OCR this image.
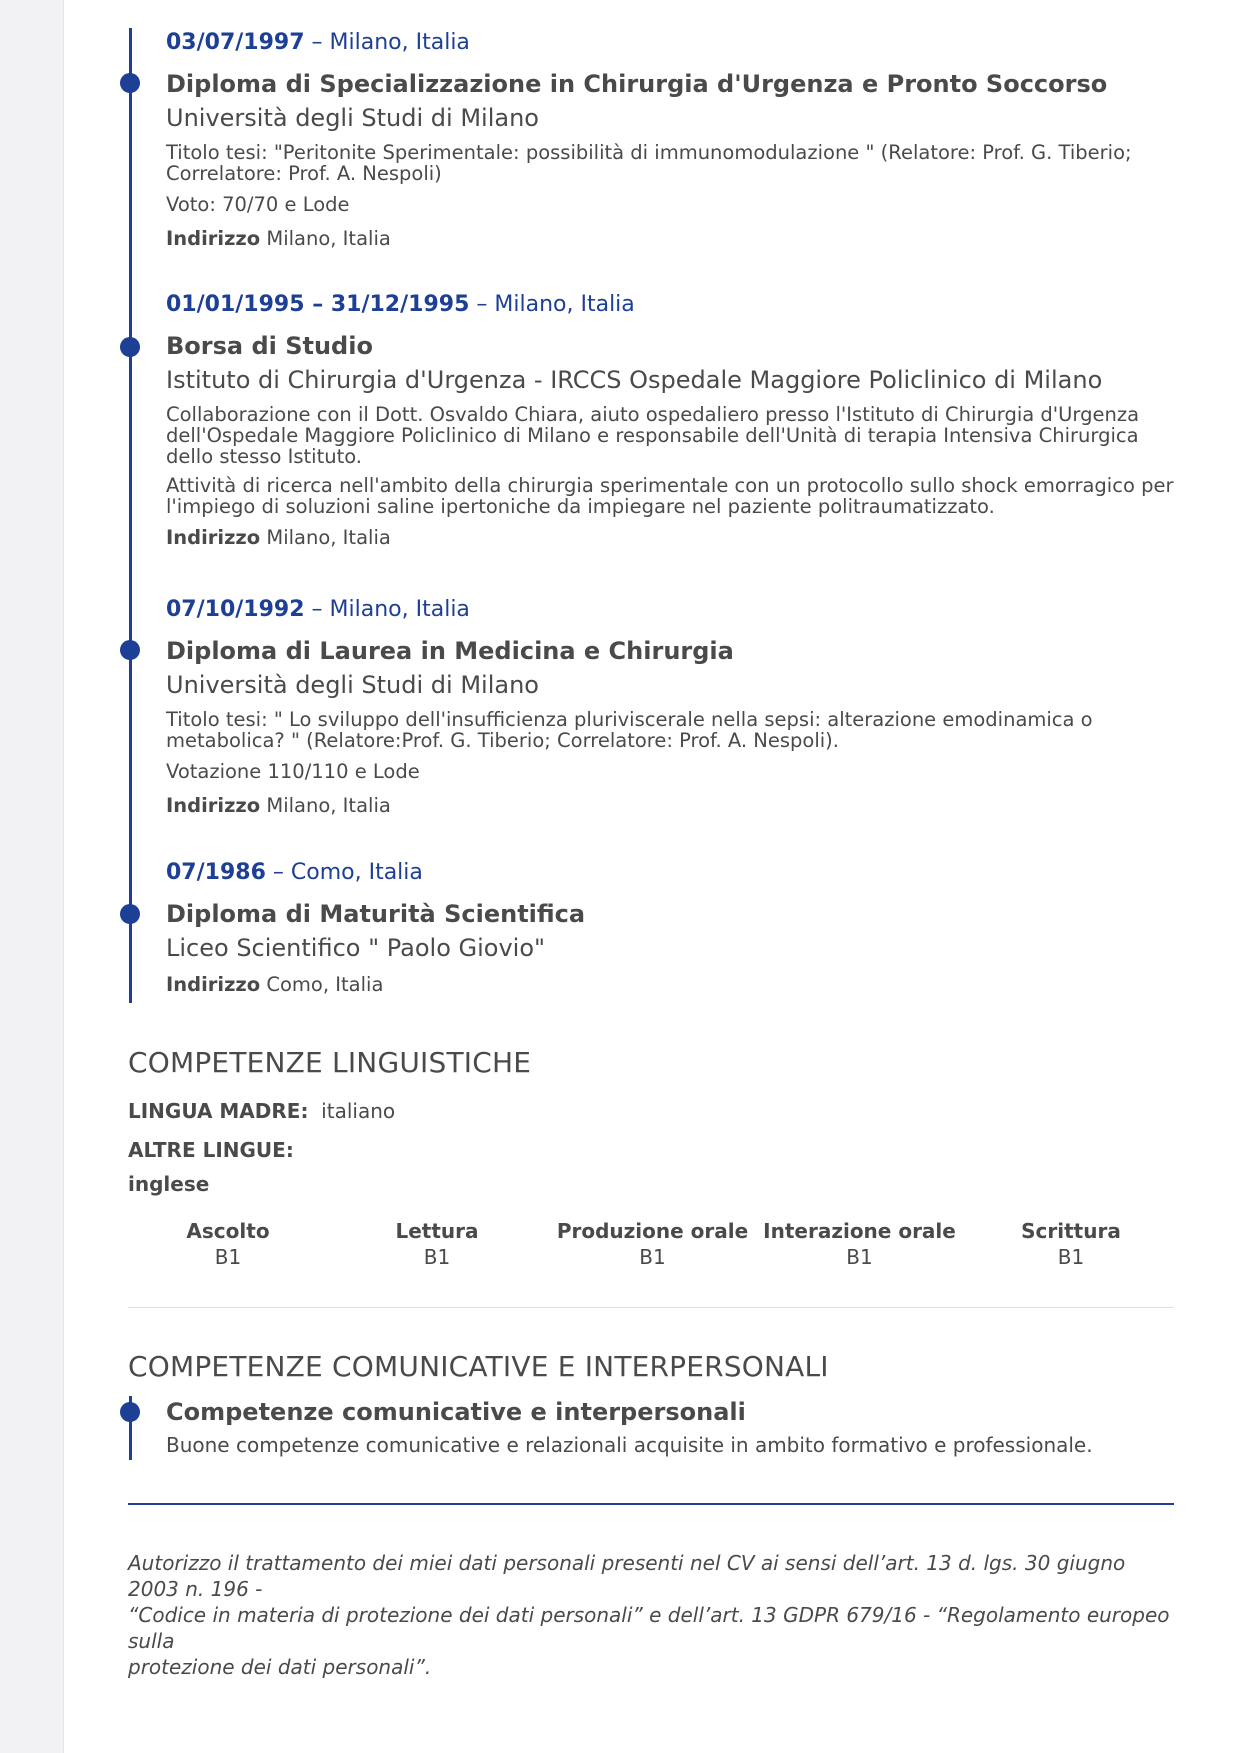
03/07/1997 – Milano, Italia
Diploma di Specializzazione in Chirurgia d'Urgenza e Pronto Soccorso
Università degli Studi di Milano
Titolo tesi: "Peritonite Sperimentale: possibilità di immunomodulazione " (Relatore: Prof. G. Tiberio;
Correlatore: Prof. A. Nespoli)
Voto: 70/70 e Lode
Indirizzo Milano, Italia
01/01/1995 – 31/12/1995 – Milano, Italia
Borsa di Studio
Istituto di Chirurgia d'Urgenza - IRCCS Ospedale Maggiore Policlinico di Milano
Collaborazione con il Dott. Osvaldo Chiara, aiuto ospedaliero presso l'Istituto di Chirurgia d'Urgenza
dell'Ospedale Maggiore Policlinico di Milano e responsabile dell'Unità di terapia Intensiva Chirurgica
dello stesso Istituto.
Attività di ricerca nell'ambito della chirurgia sperimentale con un protocollo sullo shock emorragico per
l'impiego di soluzioni saline ipertoniche da impiegare nel paziente politraumatizzato.
Indirizzo Milano, Italia
07/10/1992 – Milano, Italia
Diploma di Laurea in Medicina e Chirurgia
Università degli Studi di Milano
Titolo tesi: " Lo sviluppo dell'insufficienza pluriviscerale nella sepsi: alterazione emodinamica o
metabolica? " (Relatore:Prof. G. Tiberio; Correlatore: Prof. A. Nespoli).
Votazione 110/110 e Lode
Indirizzo Milano, Italia
07/1986 – Como, Italia
Diploma di Maturità Scientifica
Liceo Scientifico " Paolo Giovio"
Indirizzo Como, Italia
COMPETENZE LINGUISTICHE
LINGUA MADRE: italiano
ALTRE LINGUE:
inglese
Ascolto
B1
Lettura
B1
Produzione orale
B1
Interazione orale
B1
Scrittura
B1
COMPETENZE COMUNICATIVE E INTERPERSONALI
Competenze comunicative e interpersonali
Buone competenze comunicative e relazionali acquisite in ambito formativo e professionale.
Autorizzo il trattamento dei miei dati personali presenti nel CV ai sensi dell’art. 13 d. lgs. 30 giugno 2003 n. 196 -
“Codice in materia di protezione dei dati personali” e dell’art. 13 GDPR 679/16 - “Regolamento europeo sulla
protezione dei dati personali”.
